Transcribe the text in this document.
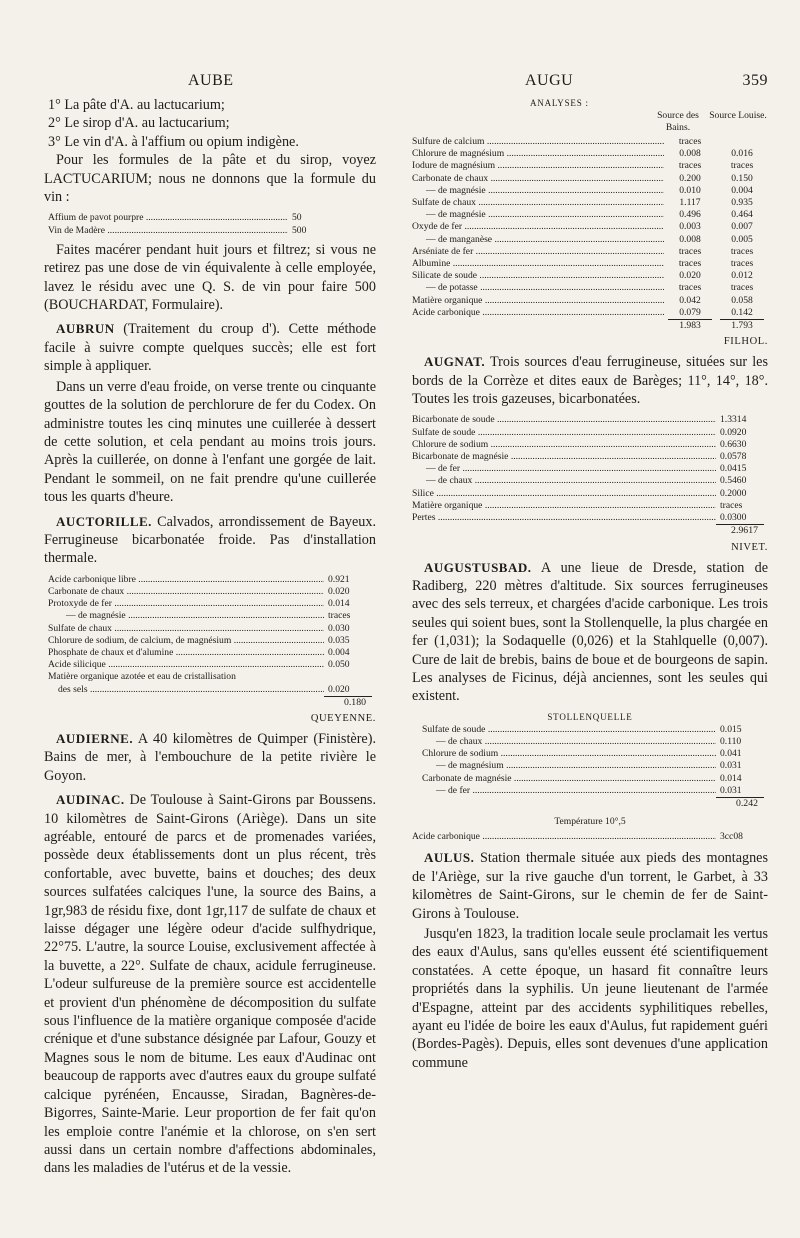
AUBE	AUGU	359
1° La pâte d'A. au lactucarium;
2° Le sirop d'A. au lactucarium;
3° Le vin d'A. à l'affium ou opium indigène.

Pour les formules de la pâte et du sirop, voyez LACTUCARIUM; nous ne donnons que la formule du vin :

Affium de pavot pourpre .....	50
Vin de Madère .....	500

Faites macérer pendant huit jours et filtrez; si vous ne retirez pas une dose de vin équivalente à celle employée, lavez le résidu avec une Q. S. de vin pour faire 500 (BOUCHARDAT, Formulaire).

AUBRUN (Traitement du croup d'). Cette méthode facile à suivre compte quelques succès; elle est fort simple à appliquer.

Dans un verre d'eau froide, on verse trente ou cinquante gouttes de la solution de perchlorure de fer du Codex. On administre toutes les cinq minutes une cuillerée à dessert de cette solution, et cela pendant au moins trois jours. Après la cuillerée, on donne à l'enfant une gorgée de lait. Pendant le sommeil, on ne fait prendre qu'une cuillerée tous les quarts d'heure.

AUCTORILLE. Calvados, arrondissement de Bayeux. Ferrugineuse bicarbonatée froide. Pas d'installation thermale.

Acide carbonique libre .....	0.921
Carbonate de chaux .....	0.020
Protoxyde de fer .....	0.014
— de magnésie .....	traces
Sulfate de chaux .....	0.030
Chlorure de sodium, de calcium, de magnésium .....	0.035
Phosphate de chaux et d'alumine .....	0.004
Acide silicique .....	0.050
Matière organique azotée et eau de cristallisation
des sels .....	0.020
0.180
QUEYENNE.

AUDIERNE. A 40 kilomètres de Quimper (Finistère). Bains de mer, à l'embouchure de la petite rivière le Goyon.

AUDINAC. De Toulouse à Saint-Girons par Boussens. 10 kilomètres de Saint-Girons (Ariège). Dans un site agréable, entouré de parcs et de promenades variées, possède deux établissements dont un plus récent, très confortable, avec buvette, bains et douches; des deux sources sulfatées calciques l'une, la source des Bains, a 1gr,983 de résidu fixe, dont 1gr,117 de sulfate de chaux et laisse dégager une légère odeur d'acide sulfhydrique, 22°75. L'autre, la source Louise, exclusivement affectée à la buvette, a 22°. Sulfate de chaux, acidule ferrugineuse. L'odeur sulfureuse de la première source est accidentelle et provient d'un phénomène de décomposition du sulfate sous l'influence de la matière organique composée d'acide crénique et d'une substance désignée par Lafour, Gouzy et Magnes sous le nom de bitume. Les eaux d'Audinac ont beaucoup de rapports avec d'autres eaux du groupe sulfaté calcique pyrénéen, Encausse, Siradan, Bagnères-de-Bigorres, Sainte-Marie. Leur proportion de fer fait qu'on les emploie contre l'anémie et la chlorose, on s'en sert aussi dans un certain nombre d'affections abdominales, dans les maladies de l'utérus et de la vessie.

ANALYSES :
Source des Bains.
Source Louise.
Sulfure de calcium .....	traces
Chlorure de magnésium .....	0.008	0.016
Iodure de magnésium .....	traces	traces
Carbonate de chaux .....	0.200	0.150
— de magnésie .....	0.010	0.004
Sulfate de chaux .....	1.117	0.935
— de magnésie .....	0.496	0.464
Oxyde de fer .....	0.003	0.007
— de manganèse .....	0.008	0.005
Arséniate de fer .....	traces	traces
Albumine .....	traces	traces
Silicate de soude .....	0.020	0.012
— de potasse .....	traces	traces
Matière organique .....	0.042	0.058
Acide carbonique .....	0.079	0.142
1.983	1.793
FILHOL.

AUGNAT. Trois sources d'eau ferrugineuse, situées sur les bords de la Corrèze et dites eaux de Barèges; 11°, 14°, 18°. Toutes les trois gazeuses, bicarbonatées.

Bicarbonate de soude .....	1.3314
Sulfate de soude .....	0.0920
Chlorure de sodium .....	0.6630
Bicarbonate de magnésie .....	0.0578
— de fer .....	0.0415
— de chaux .....	0.5460
Silice .....	0.2000
Matière organique .....	traces
Pertes .....	0.0300
2.9617
NIVET.

AUGUSTUSBAD. A une lieue de Dresde, station de Radiberg, 220 mètres d'altitude. Six sources ferrugineuses avec des sels terreux, et chargées d'acide carbonique. Les trois seules qui soient bues, sont la Stollenquelle, la plus chargée en fer (1,031); la Sodaquelle (0,026) et la Stahlquelle (0,007). Cure de lait de brebis, bains de boue et de bourgeons de sapin. Les analyses de Ficinus, déjà anciennes, sont les seules qui existent.

STOLLENQUELLE
Sulfate de soude .....	0.015
— de chaux .....	0.110
Chlorure de sodium .....	0.041
— de magnésium .....	0.031
Carbonate de magnésie .....	0.014
— de fer .....	0.031
0.242
Température 10°,5
Acide carbonique .....	3cc08

AULUS. Station thermale située aux pieds des montagnes de l'Ariège, sur la rive gauche d'un torrent, le Garbet, à 33 kilomètres de Saint-Girons, sur le chemin de fer de Saint-Girons à Toulouse.

Jusqu'en 1823, la tradition locale seule proclamait les vertus des eaux d'Aulus, sans qu'elles eussent été scientifiquement constatées. A cette époque, un hasard fit connaître leurs propriétés dans la syphilis. Un jeune lieutenant de l'armée d'Espagne, atteint par des accidents syphilitiques rebelles, ayant eu l'idée de boire les eaux d'Aulus, fut rapidement guéri (Bordes-Pagès). Depuis, elles sont devenues d'une application commune
